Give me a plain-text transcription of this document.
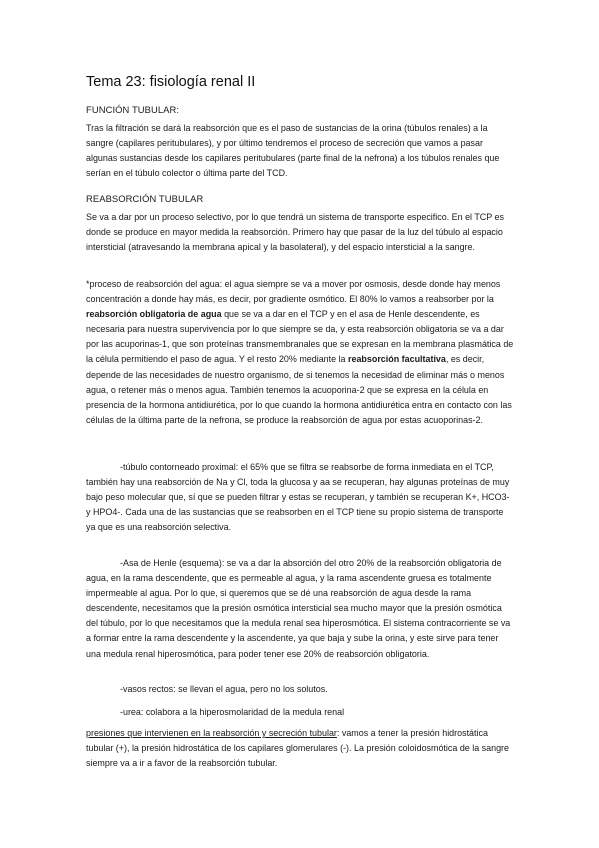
Tema 23: fisiología renal II

FUNCIÓN TUBULAR:

Tras la filtración se dará la reabsorción que es el paso de sustancias de la orina (túbulos renales) a la sangre (capilares peritubulares), y por último tendremos el proceso de secreción que vamos a pasar algunas sustancias desde los capilares peritubulares (parte final de la nefrona) a los túbulos renales que serían en el túbulo colector o última parte del TCD.

REABSORCIÓN TUBULAR

Se va a dar por un proceso selectivo, por lo que tendrá un sistema de transporte especifico. En el TCP es donde se produce en mayor medida la reabsorción. Primero hay que pasar de la luz del túbulo al espacio intersticial (atravesando la membrana apical y la basolateral), y del espacio intersticial a la sangre.

*proceso de reabsorción del agua: el agua siempre se va a mover por osmosis, desde donde hay menos concentración a donde hay más, es decir, por gradiente osmótico. El 80% lo vamos a reabsorber por la reabsorción obligatoria de agua que se va a dar en el TCP y en el asa de Henle descendente, es necesaria para nuestra supervivencia por lo que siempre se da, y esta reabsorción obligatoria se va a dar por las acuporinas-1, que son proteínas transmembranales que se expresan en la membrana plasmática de la célula permitiendo el paso de agua. Y el resto 20% mediante la reabsorción facultativa, es decir, depende de las necesidades de nuestro organismo, de si tenemos la necesidad de eliminar más o menos agua, o retener más o menos agua. También tenemos la acuoporina-2 que se expresa en la célula en presencia de la hormona antidiurética, por lo que cuando la hormona antidiurética entra en contacto con las células de la última parte de la nefrona, se produce la reabsorción de agua por estas acuoporinas-2.

-túbulo contorneado proximal: el 65% que se filtra se reabsorbe de forma inmediata en el TCP, también hay una reabsorción de Na y Cl, toda la glucosa y aa se recuperan, hay algunas proteínas de muy bajo peso molecular que, sí que se pueden filtrar y estas se recuperan, y también se recuperan K+, HCO3- y HPO4-. Cada una de las sustancias que se reabsorben en el TCP tiene su propio sistema de transporte ya que es una reabsorción selectiva.

-Asa de Henle (esquema): se va a dar la absorción del otro 20% de la reabsorción obligatoria de agua, en la rama descendente, que es permeable al agua, y la rama ascendente gruesa es totalmente impermeable al agua. Por lo que, si queremos que se dé una reabsorción de agua desde la rama descendente, necesitamos que la presión osmótica intersticial sea mucho mayor que la presión osmótica del túbulo, por lo que necesitamos que la medula renal sea hiperosmótica. El sistema contracorriente se va a formar entre la rama descendente y la ascendente, ya que baja y sube la orina, y este sirve para tener una medula renal hiperosmótica, para poder tener ese 20% de reabsorción obligatoria.

-vasos rectos: se llevan el agua, pero no los solutos.

-urea: colabora a la hiperosmolaridad de la medula renal

presiones que intervienen en la reabsorción y secreción tubular: vamos a tener la presión hidrostática tubular (+), la presión hidrostática de los capilares glomerulares (-). La presión coloidosmótica de la sangre siempre va a ir a favor de la reabsorción tubular.
